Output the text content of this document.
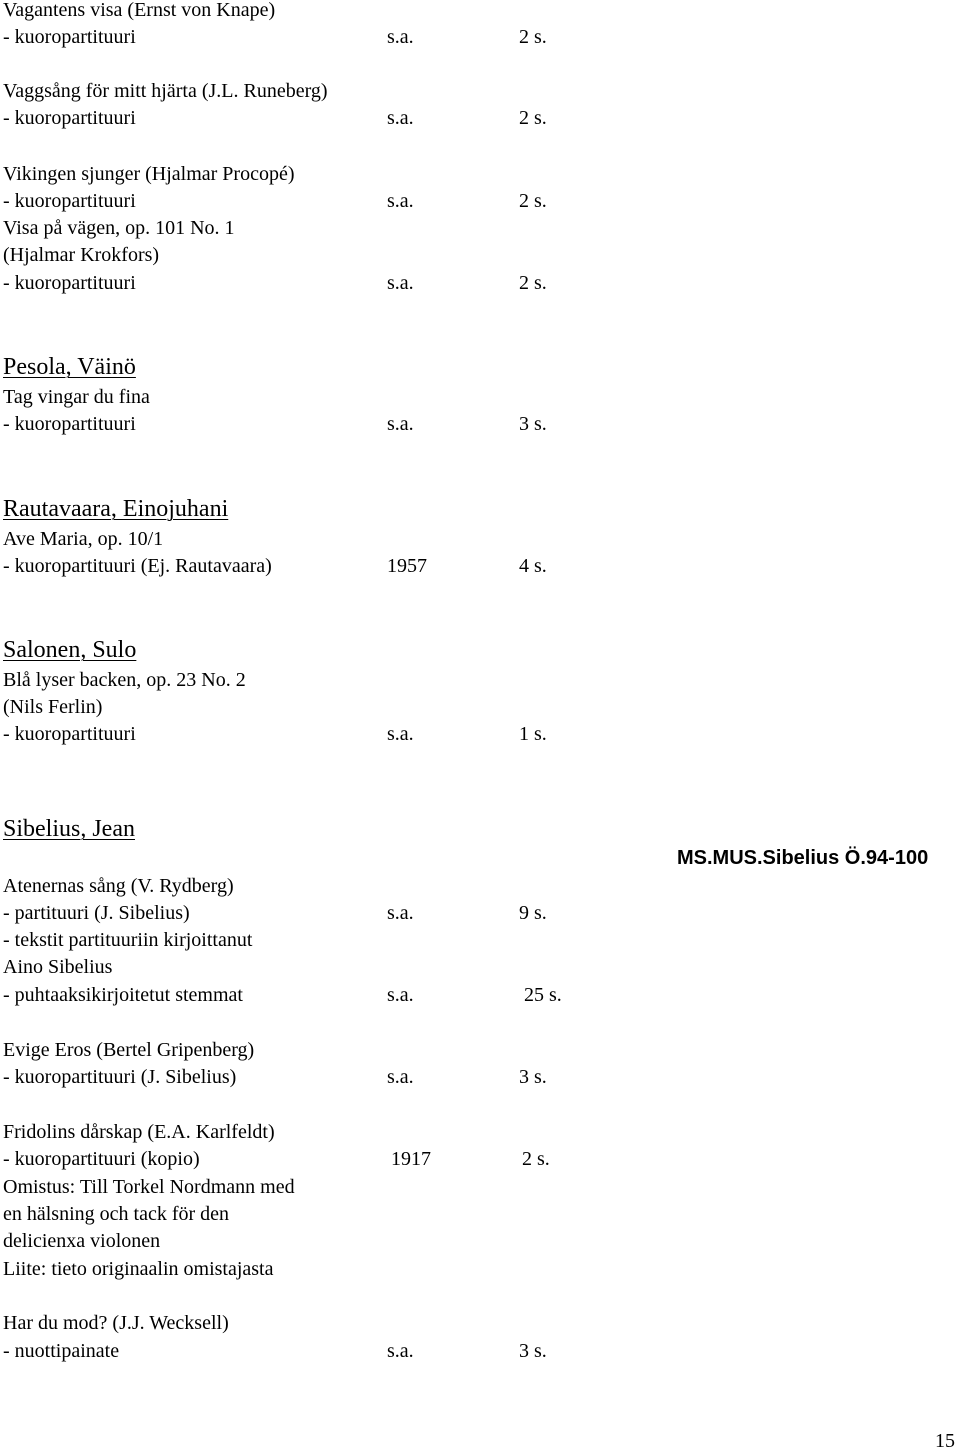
Vagantens visa (Ernst von Knape)
- kuoropartituuri	s.a.	2 s.
Vaggsång för mitt hjärta (J.L. Runeberg)
- kuoropartituuri	s.a.	2 s.
Vikingen sjunger (Hjalmar Procopé)
- kuoropartituuri	s.a.	2 s.
Visa på vägen, op. 101 No. 1
(Hjalmar Krokfors)
- kuoropartituuri	s.a.	2 s.
Pesola, Väinö
Tag vingar du fina
- kuoropartituuri	s.a.	3 s.
Rautavaara, Einojuhani
Ave Maria, op. 10/1
- kuoropartituuri (Ej. Rautavaara)	1957	4 s.
Salonen, Sulo
Blå lyser backen, op. 23 No. 2
(Nils Ferlin)
- kuoropartituuri	s.a.	1 s.
Sibelius, Jean
MS.MUS.Sibelius Ö.94-100
Atenernas sång (V. Rydberg)
- partituuri (J. Sibelius)	s.a.	9 s.
- tekstit partituuriin kirjoittanut
Aino Sibelius
- puhtaaksikirjoitetut stemmat	s.a.	25 s.
Evige Eros (Bertel Gripenberg)
- kuoropartituuri (J. Sibelius)	s.a.	3 s.
Fridolins dårskap (E.A. Karlfeldt)
- kuoropartituuri (kopio)	1917	2 s.
Omistus: Till Torkel Nordmann med
en hälsning och tack för den
delicienxa violonen
Liite: tieto originaalin omistajasta
Har du mod? (J.J. Wecksell)
- nuottipainate	s.a.	3 s.
15
